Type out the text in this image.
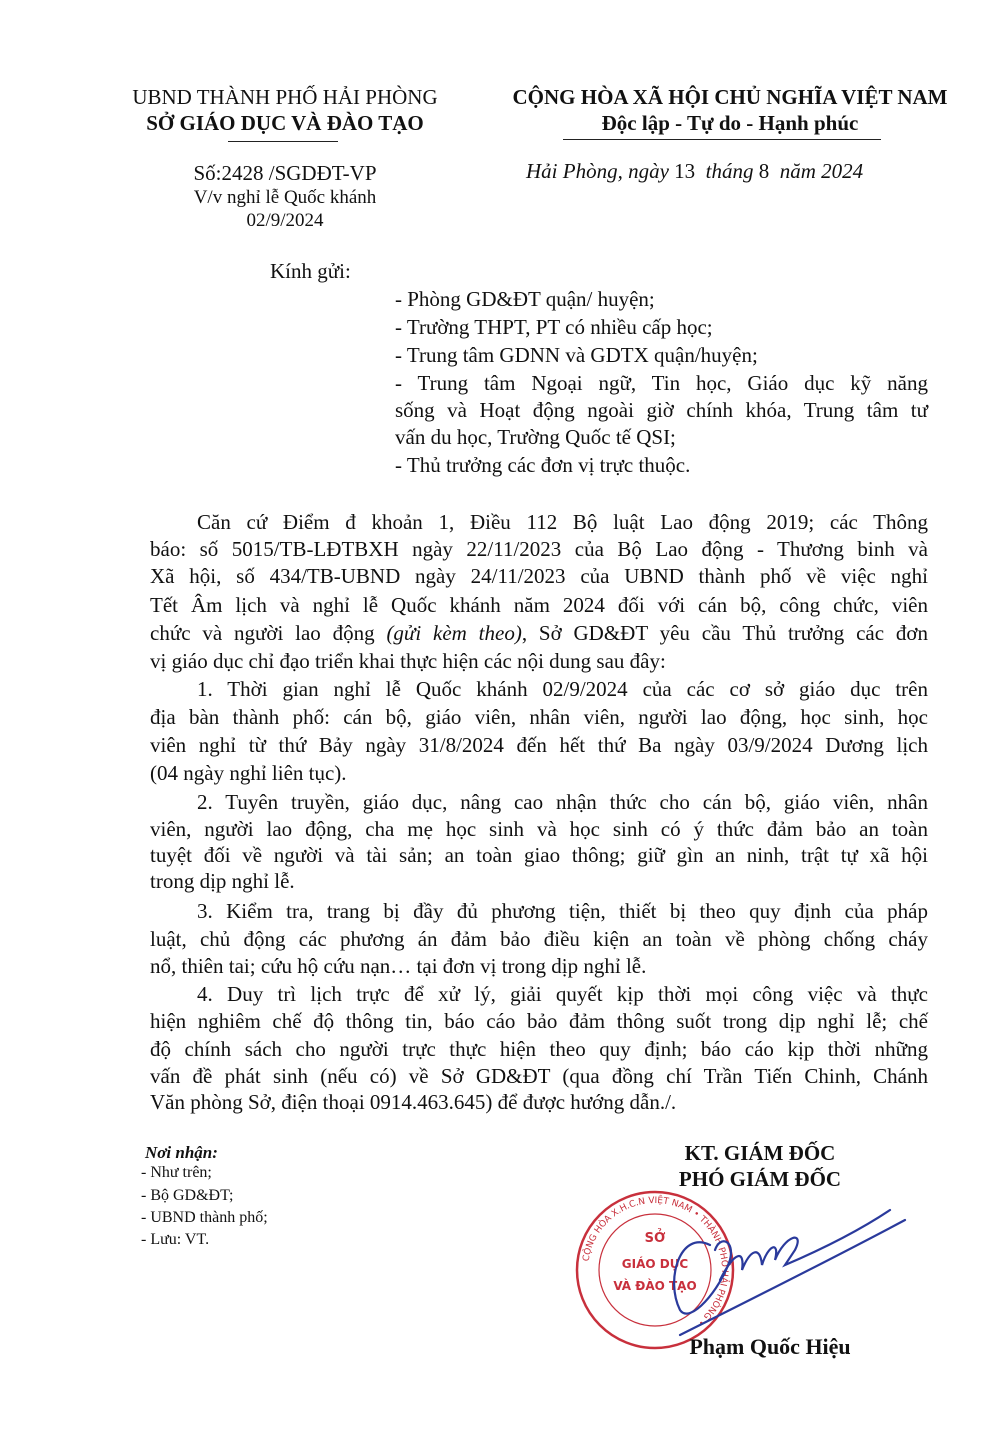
UBND THÀNH PHỐ HẢI PHÒNG
SỞ GIÁO DỤC VÀ ĐÀO TẠO
Số:2428 /SGDĐT-VP
V/v nghỉ lễ Quốc khánh
02/9/2024
CỘNG HÒA XÃ HỘI CHỦ NGHĨA VIỆT NAM
Độc lập - Tự do - Hạnh phúc
Hải Phòng, ngày 13 tháng 8 năm 2024
Kính gửi:
- Phòng GD&ĐT quận/ huyện;
- Trường THPT, PT có nhiều cấp học;
- Trung tâm GDNN và GDTX quận/huyện;
- Trung tâm Ngoại ngữ, Tin học, Giáo dục kỹ năng
sống và Hoạt động ngoài giờ chính khóa, Trung tâm tư
vấn du học, Trường Quốc tế QSI;
- Thủ trưởng các đơn vị trực thuộc.
Căn cứ Điểm đ khoản 1, Điều 112 Bộ luật Lao động 2019; các Thông
báo: số 5015/TB-LĐTBXH ngày 22/11/2023 của Bộ Lao động - Thương binh và
Xã hội, số 434/TB-UBND ngày 24/11/2023 của UBND thành phố về việc nghỉ
Tết Âm lịch và nghỉ lễ Quốc khánh năm 2024 đối với cán bộ, công chức, viên
chức và người lao động (gửi kèm theo), Sở GD&ĐT yêu cầu Thủ trưởng các đơn
vị giáo dục chỉ đạo triển khai thực hiện các nội dung sau đây:
1. Thời gian nghỉ lễ Quốc khánh 02/9/2024 của các cơ sở giáo dục trên
địa bàn thành phố: cán bộ, giáo viên, nhân viên, người lao động, học sinh, học
viên nghỉ từ thứ Bảy ngày 31/8/2024 đến hết thứ Ba ngày 03/9/2024 Dương lịch
(04 ngày nghỉ liên tục).
2. Tuyên truyền, giáo dục, nâng cao nhận thức cho cán bộ, giáo viên, nhân
viên, người lao động, cha mẹ học sinh và học sinh có ý thức đảm bảo an toàn
tuyệt đối về người và tài sản; an toàn giao thông; giữ gìn an ninh, trật tự xã hội
trong dịp nghỉ lễ.
3. Kiểm tra, trang bị đầy đủ phương tiện, thiết bị theo quy định của pháp
luật, chủ động các phương án đảm bảo điều kiện an toàn về phòng chống cháy
nổ, thiên tai; cứu hộ cứu nạn… tại đơn vị trong dịp nghỉ lễ.
4. Duy trì lịch trực để xử lý, giải quyết kịp thời mọi công việc và thực
hiện nghiêm chế độ thông tin, báo cáo bảo đảm thông suốt trong dịp nghỉ lễ; chế
độ chính sách cho người trực thực hiện theo quy định; báo cáo kịp thời những
vấn đề phát sinh (nếu có) về Sở GD&ĐT (qua đồng chí Trần Tiến Chinh, Chánh
Văn phòng Sở, điện thoại 0914.463.645) để được hướng dẫn./.
Nơi nhận:
- Như trên;
- Bộ GD&ĐT;
- UBND thành phố;
- Lưu: VT.
KT. GIÁM ĐỐC
PHÓ GIÁM ĐỐC
SỞ
GIÁO DỤC
VÀ ĐÀO TẠO
CỘNG HÒA X.H.C.N VIỆT NAM • THÀNH PHỐ HẢI PHÒNG •
Phạm Quốc Hiệu
